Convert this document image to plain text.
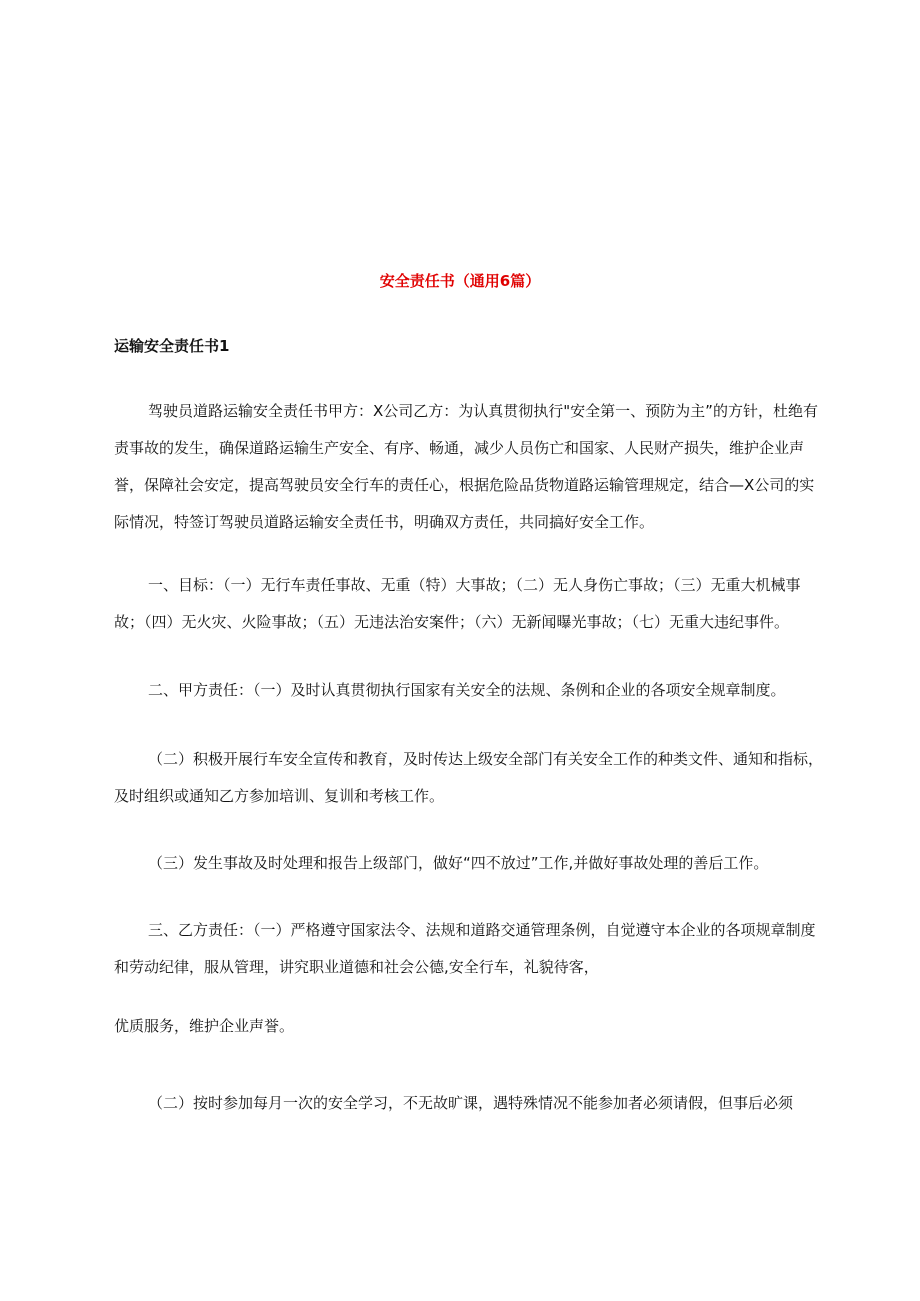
安全责任书（通用6篇）
运输安全责任书1
驾驶员道路运输安全责任书甲方：X公司乙方：为认真贯彻执行"安全第一、预防为主”的方针，杜绝有责事故的发生，确保道路运输生产安全、有序、畅通，减少人员伤亡和国家、人民财产损失，维护企业声誉，保障社会安定，提高驾驶员安全行车的责任心，根据危险品货物道路运输管理规定，结合—X公司的实际情况，特签订驾驶员道路运输安全责任书，明确双方责任，共同搞好安全工作。
一、目标：（一）无行车责任事故、无重（特）大事故；（二）无人身伤亡事故；（三）无重大机械事故；（四）无火灾、火险事故；（五）无违法治安案件；（六）无新闻曝光事故；（七）无重大违纪事件。
二、甲方责任：（一）及时认真贯彻执行国家有关安全的法规、条例和企业的各项安全规章制度。
（二）积极开展行车安全宣传和教育，及时传达上级安全部门有关安全工作的种类文件、通知和指标，及时组织或通知乙方参加培训、复训和考核工作。
（三）发生事故及时处理和报告上级部门，做好“四不放过”工作,并做好事故处理的善后工作。
三、乙方责任：（一）严格遵守国家法令、法规和道路交通管理条例，自觉遵守本企业的各项规章制度和劳动纪律，服从管理，讲究职业道德和社会公德,安全行车，礼貌待客，
优质服务，维护企业声誉。
（二）按时参加每月一次的安全学习，不无故旷课，遇特殊情况不能参加者必须请假，但事后必须
